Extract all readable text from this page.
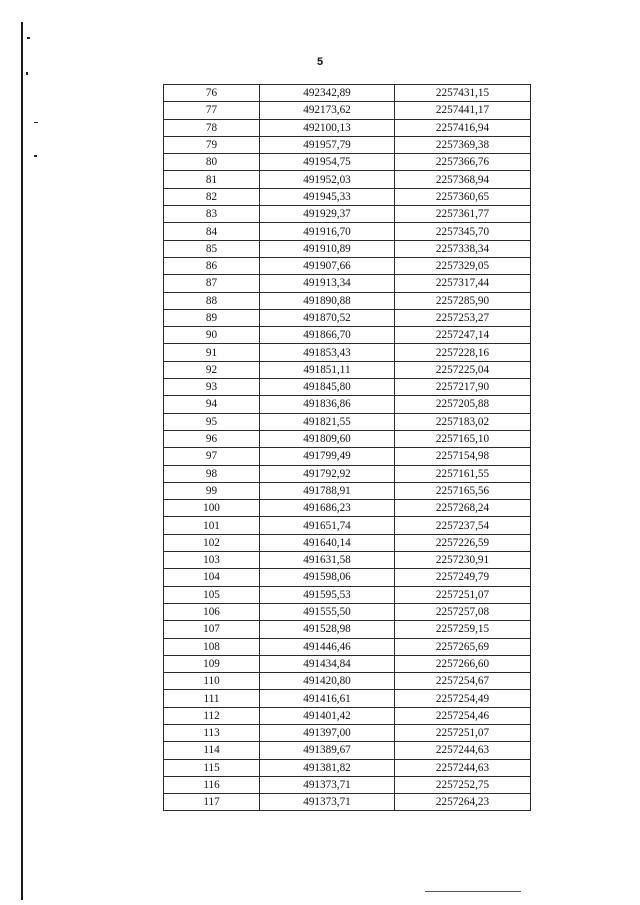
5
76	492342,89	2257431,15
77	492173,62	2257441,17
78	492100,13	2257416,94
79	491957,79	2257369,38
80	491954,75	2257366,76
81	491952,03	2257368,94
82	491945,33	2257360,65
83	491929,37	2257361,77
84	491916,70	2257345,70
85	491910,89	2257338,34
86	491907,66	2257329,05
87	491913,34	2257317,44
88	491890,88	2257285,90
89	491870,52	2257253,27
90	491866,70	2257247,14
91	491853,43	2257228,16
92	491851,11	2257225,04
93	491845,80	2257217,90
94	491836,86	2257205,88
95	491821,55	2257183,02
96	491809,60	2257165,10
97	491799,49	2257154,98
98	491792,92	2257161,55
99	491788,91	2257165,56
100	491686,23	2257268,24
101	491651,74	2257237,54
102	491640,14	2257226,59
103	491631,58	2257230,91
104	491598,06	2257249,79
105	491595,53	2257251,07
106	491555,50	2257257,08
107	491528,98	2257259,15
108	491446,46	2257265,69
109	491434,84	2257266,60
110	491420,80	2257254,67
111	491416,61	2257254,49
112	491401,42	2257254,46
113	491397,00	2257251,07
114	491389,67	2257244,63
115	491381,82	2257244,63
116	491373,71	2257252,75
117	491373,71	2257264,23
